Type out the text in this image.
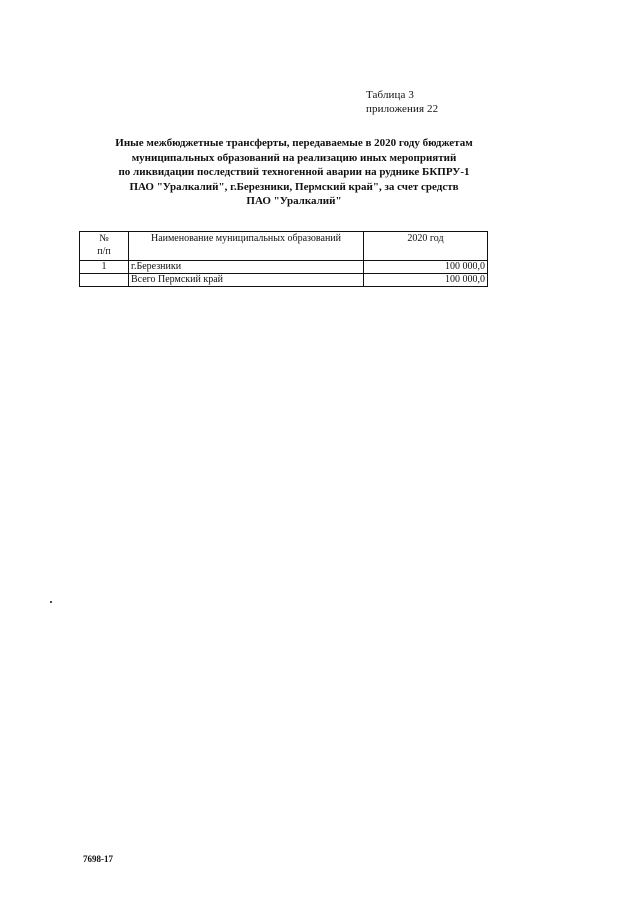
Таблица 3
приложения 22
Иные межбюджетные трансферты, передаваемые в 2020 году бюджетам
муниципальных образований на реализацию иных мероприятий
по ликвидации последствий техногенной аварии на руднике БКПРУ-1
ПАО "Уралкалий", г.Березники, Пермский край", за счет средств
ПАО "Уралкалий"
№
п/п	Наименование муниципальных образований	2020 год
1	г.Березники	100 000,0
	Всего Пермский край	100 000,0
7698-17
